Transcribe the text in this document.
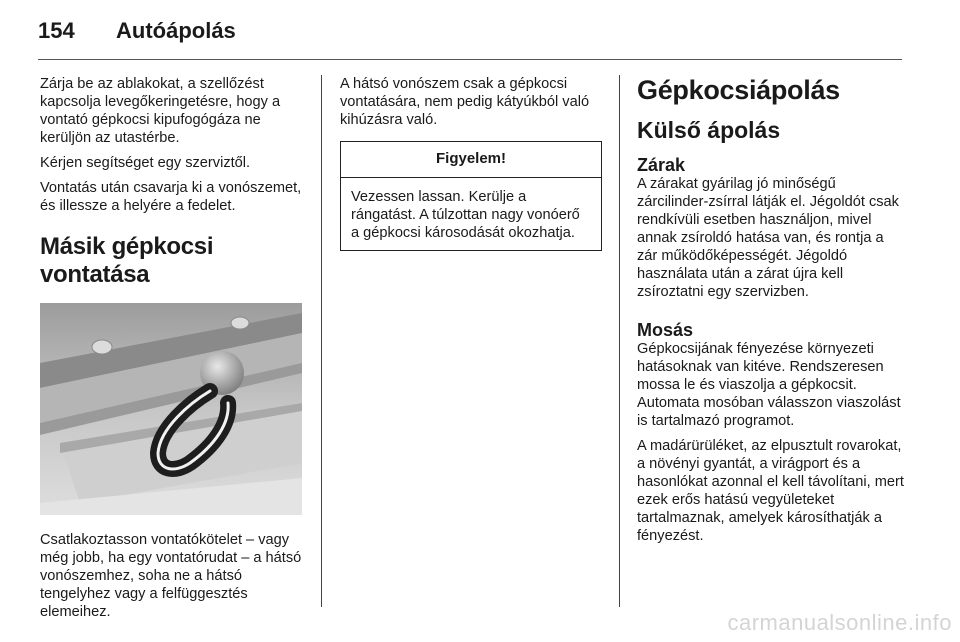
154	Autóápolás

Zárja be az ablakokat, a szellőzést kapcsolja levegőkeringetésre, hogy a vontató gépkocsi kipufogógáza ne kerüljön az utastérbe.

Kérjen segítséget egy szerviztől.

Vontatás után csavarja ki a vonószemet, és illessze a helyére a fedelet.

Másik gépkocsi vontatása

Csatlakoztasson vontatókötelet – vagy még jobb, ha egy vontatórudat – a hátsó vonószemhez, soha ne a hátsó tengelyhez vagy a felfüggesztés elemeihez.

A hátsó vonószem csak a gépkocsi vontatására, nem pedig kátyúkból való kihúzásra való.

Figyelem!
Vezessen lassan. Kerülje a rángatást. A túlzottan nagy vonóerő a gépkocsi károsodását okozhatja.
Gépkocsiápolás
Külső ápolás
Zárak

A zárakat gyárilag jó minőségű zárcilinder-zsírral látják el. Jégoldót csak rendkívüli esetben használjon, mivel annak zsíroldó hatása van, és rontja a zár működőképességét. Jégoldó használata után a zárat újra kell zsíroztatni egy szervizben.

Mosás

Gépkocsijának fényezése környezeti hatásoknak van kitéve. Rendszeresen mossa le és viaszolja a gépkocsit. Automata mosóban válasszon viaszolást is tartalmazó programot.

A madárürüléket, az elpusztult rovarokat, a növényi gyantát, a virágport és a hasonlókat azonnal el kell távolítani, mert ezek erős hatású vegyületeket tartalmaznak, amelyek károsíthatják a fényezést.

carmanualsonline.info
